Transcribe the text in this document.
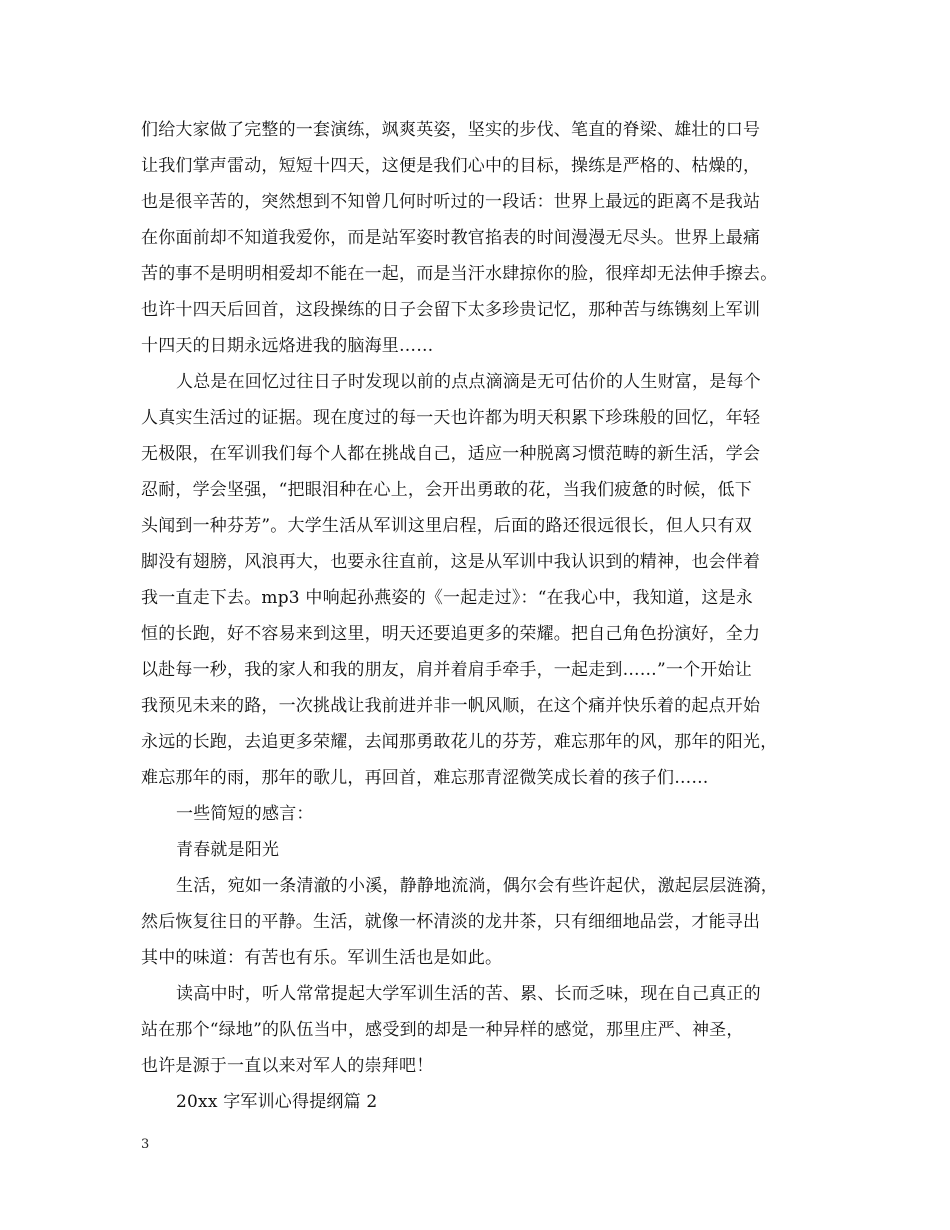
们给大家做了完整的一套演练，飒爽英姿，坚实的步伐、笔直的脊梁、雄壮的口号
让我们掌声雷动，短短十四天，这便是我们心中的目标，操练是严格的、枯燥的，
也是很辛苦的，突然想到不知曾几何时听过的一段话：世界上最远的距离不是我站
在你面前却不知道我爱你，而是站军姿时教官掐表的时间漫漫无尽头。世界上最痛
苦的事不是明明相爱却不能在一起，而是当汗水肆掠你的脸，很痒却无法伸手擦去。
也许十四天后回首，这段操练的日子会留下太多珍贵记忆，那种苦与练镌刻上军训
十四天的日期永远烙进我的脑海里……
人总是在回忆过往日子时发现以前的点点滴滴是无可估价的人生财富，是每个
人真实生活过的证据。现在度过的每一天也许都为明天积累下珍珠般的回忆，年轻
无极限，在军训我们每个人都在挑战自己，适应一种脱离习惯范畴的新生活，学会
忍耐，学会坚强，“把眼泪种在心上，会开出勇敢的花，当我们疲惫的时候，低下
头闻到一种芬芳”。大学生活从军训这里启程，后面的路还很远很长，但人只有双
脚没有翅膀，风浪再大，也要永往直前，这是从军训中我认识到的精神，也会伴着
我一直走下去。mp3 中响起孙燕姿的《一起走过》：“在我心中，我知道，这是永
恒的长跑，好不容易来到这里，明天还要追更多的荣耀。把自己角色扮演好，全力
以赴每一秒，我的家人和我的朋友，肩并着肩手牵手，一起走到……”一个开始让
我预见未来的路，一次挑战让我前进并非一帆风顺，在这个痛并快乐着的起点开始
永远的长跑，去追更多荣耀，去闻那勇敢花儿的芬芳，难忘那年的风，那年的阳光，
难忘那年的雨，那年的歌儿，再回首，难忘那青涩微笑成长着的孩子们……
一些简短的感言：
青春就是阳光
生活，宛如一条清澈的小溪，静静地流淌，偶尔会有些许起伏，激起层层涟漪，
然后恢复往日的平静。生活，就像一杯清淡的龙井茶，只有细细地品尝，才能寻出
其中的味道：有苦也有乐。军训生活也是如此。
读高中时，听人常常提起大学军训生活的苦、累、长而乏味，现在自己真正的
站在那个“绿地”的队伍当中，感受到的却是一种异样的感觉，那里庄严、神圣，
也许是源于一直以来对军人的崇拜吧！
20xx 字军训心得提纲篇 2
3
